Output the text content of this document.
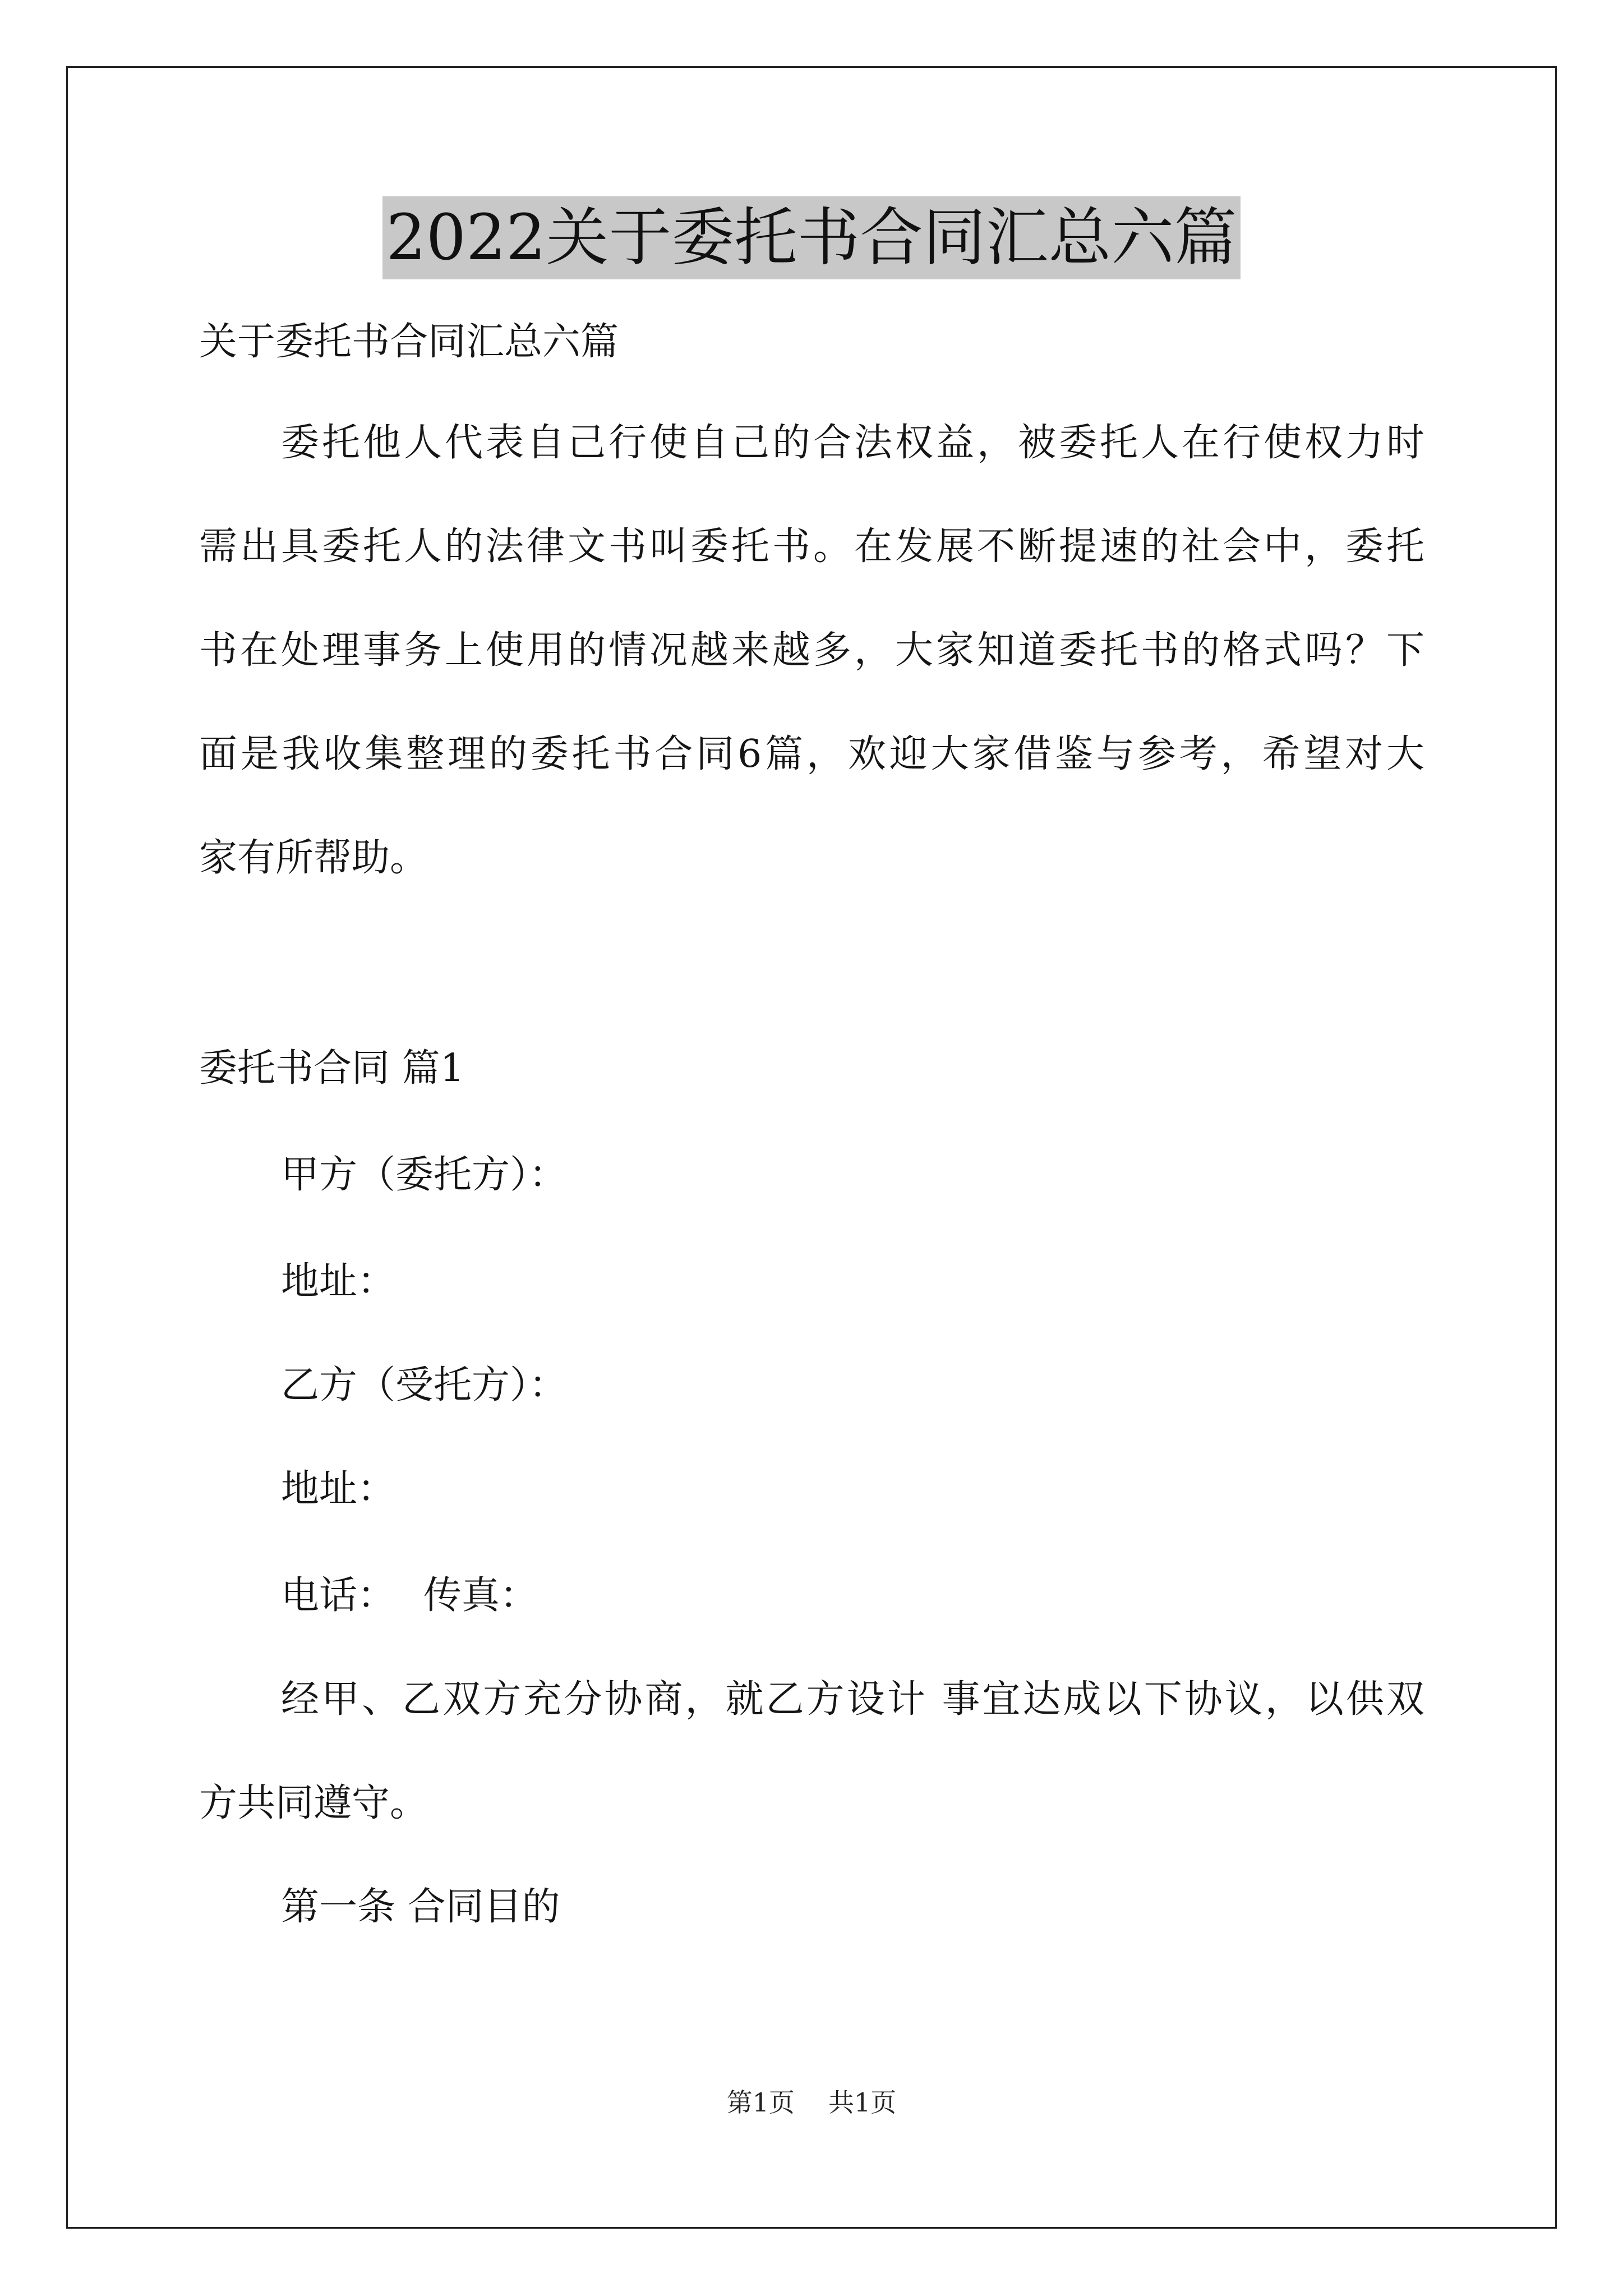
2022关于委托书合同汇总六篇
关于委托书合同汇总六篇
委托他人代表自己行使自己的合法权益，被委托人在行使权力时
需出具委托人的法律文书叫委托书。在发展不断提速的社会中，委托
书在处理事务上使用的情况越来越多，大家知道委托书的格式吗？下
面是我收集整理的委托书合同6篇，欢迎大家借鉴与参考，希望对大
家有所帮助。
委托书合同 篇1
甲方（委托方）：
地址：
乙方（受托方）：
地址：
电话： 传真：
经甲、乙双方充分协商，就乙方设计 事宜达成以下协议，以供双
方共同遵守。
第一条 合同目的
第1页 共1页
